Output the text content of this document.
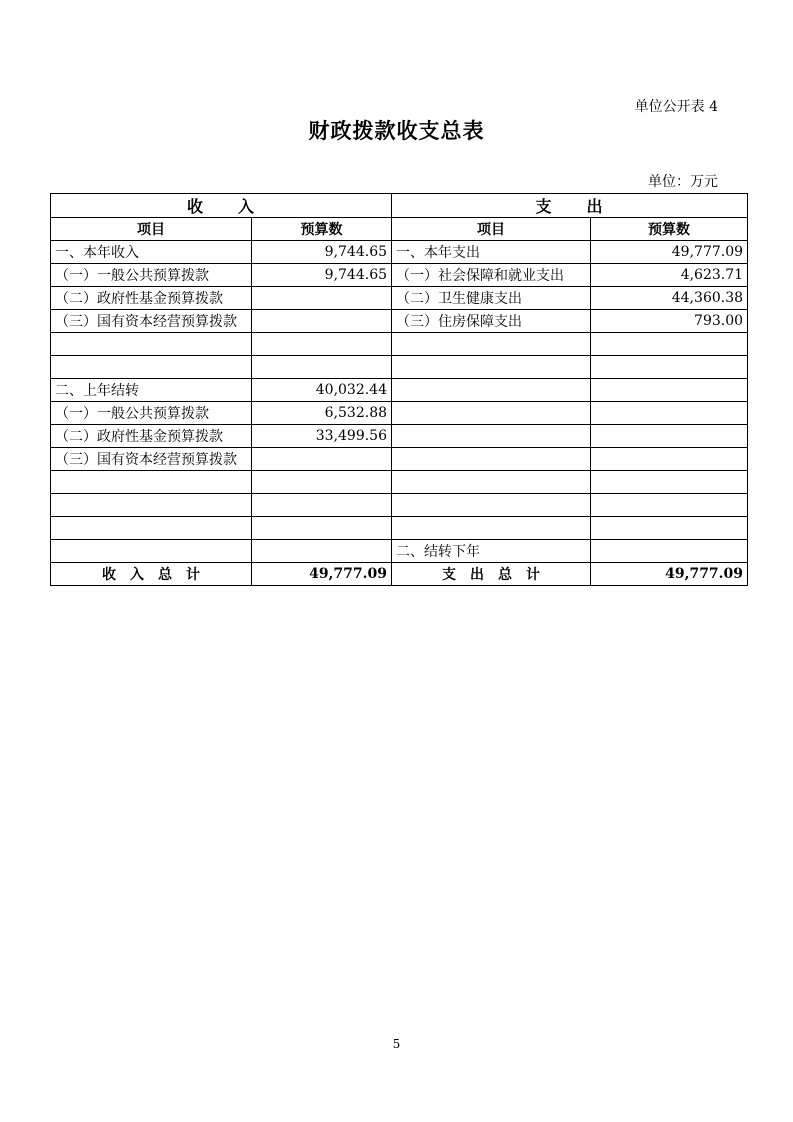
单位公开表 4
财政拨款收支总表
单位：万元
收　　入		支　　出	
项目	预算数	项目	预算数
一、本年收入	9,744.65	一、本年支出	49,777.09
（一）一般公共预算拨款	9,744.65	（一）社会保障和就业支出	4,623.71
（二）政府性基金预算拨款		（二）卫生健康支出	44,360.38
（三）国有资本经营预算拨款		（三）住房保障支出	793.00

二、上年结转	40,032.44		
（一）一般公共预算拨款	6,532.88		
（二）政府性基金预算拨款	33,499.56		
（三）国有资本经营预算拨款			

		二、结转下年	
收　入　总　计	49,777.09	支　出　总　计	49,777.09
5
